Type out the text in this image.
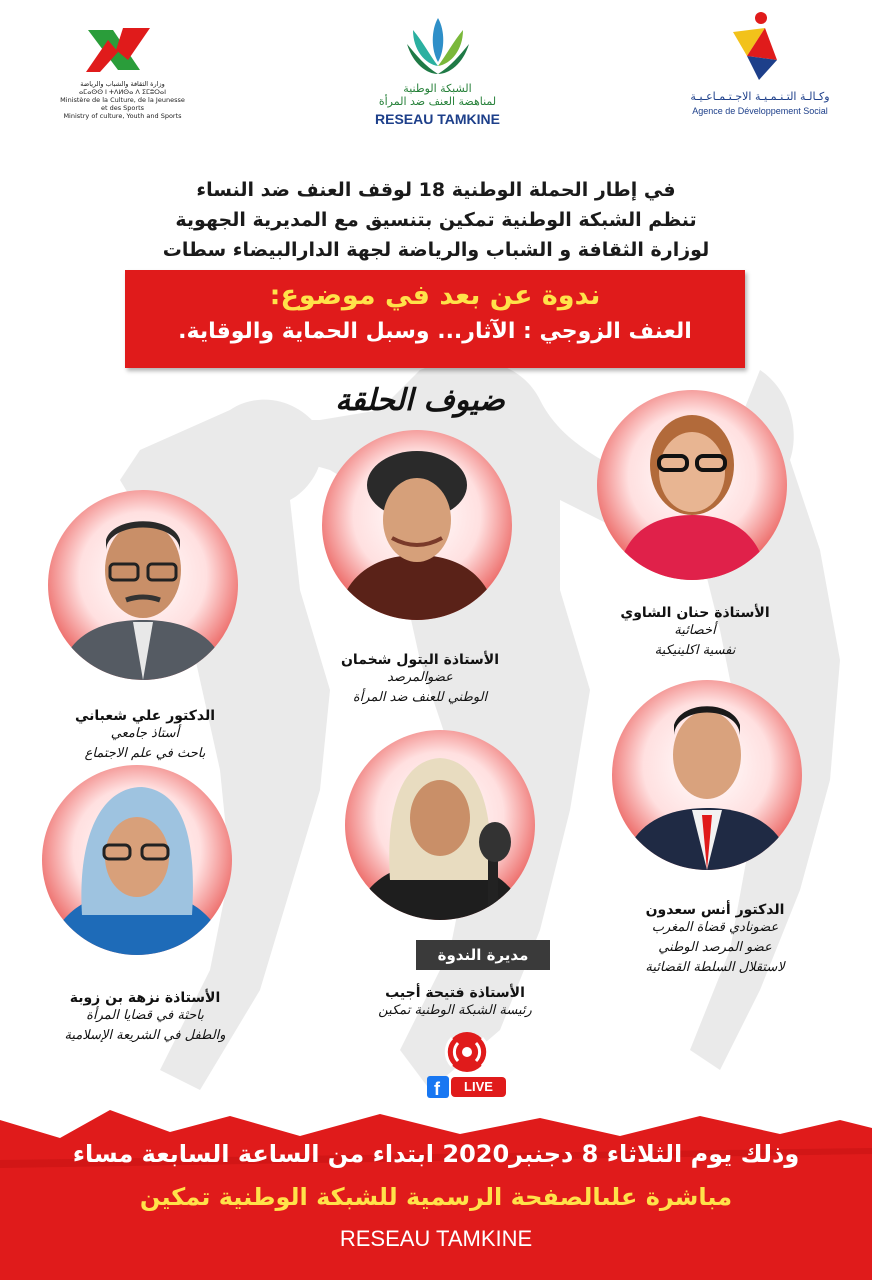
وزارة الثقافة والشباب والرياضة
ⴰⵎⴰⵙⵙ ⵏ ⵜⴷⵍⵙⴰ ⴷ ⵉⵎⵓⵔⴰⵏ
Ministère de la Culture, de la Jeunesse et des Sports
Ministry of culture, Youth and Sports
الشبكة الوطنية
لمناهضة العنف ضد المرأة
RESEAU TAMKINE
وكـالـة التـنـمـيـة الاجـتـمـاعـيـة
Agence de Développement Social
في إطار الحملة الوطنية 18 لوقف العنف ضد النساء
تنظم الشبكة الوطنية تمكين بتنسيق مع المديرية الجهوية
لوزارة الثقافة و الشباب والرياضة لجهة الدارالبيضاء سطات
ندوة عن بعد في موضوع:
العنف الزوجي : الآثار... وسبل الحماية والوقاية.
ضيوف الحلقة
الأستاذة حنان الشاوي
أخصائية
نفسية اكلينيكية
الأستاذة البتول شخمان
عضوالمرصد
الوطني للعنف ضد المرأة
الدكتور علي شعباني
أستاذ جامعي
باحث في علم الاجتماع
الدكتور أنس سعدون
عضونادي قضاة المغرب
عضو المرصد الوطني
لاستقلال السلطة القضائية
مديرة الندوة
الأستاذة فتيحة أجيب
رئيسة الشبكة الوطنية تمكين
الأستاذة نزهة بن زوبة
باحثة في قضايا المرأة
والطفل في الشريعة الإسلامية
f	LIVE
وذلك يوم الثلاثاء 8 دجنبر2020 ابتداء من الساعة السابعة مساء
مباشرة علىالصفحة الرسمية للشبكة الوطنية تمكين
RESEAU TAMKINE
